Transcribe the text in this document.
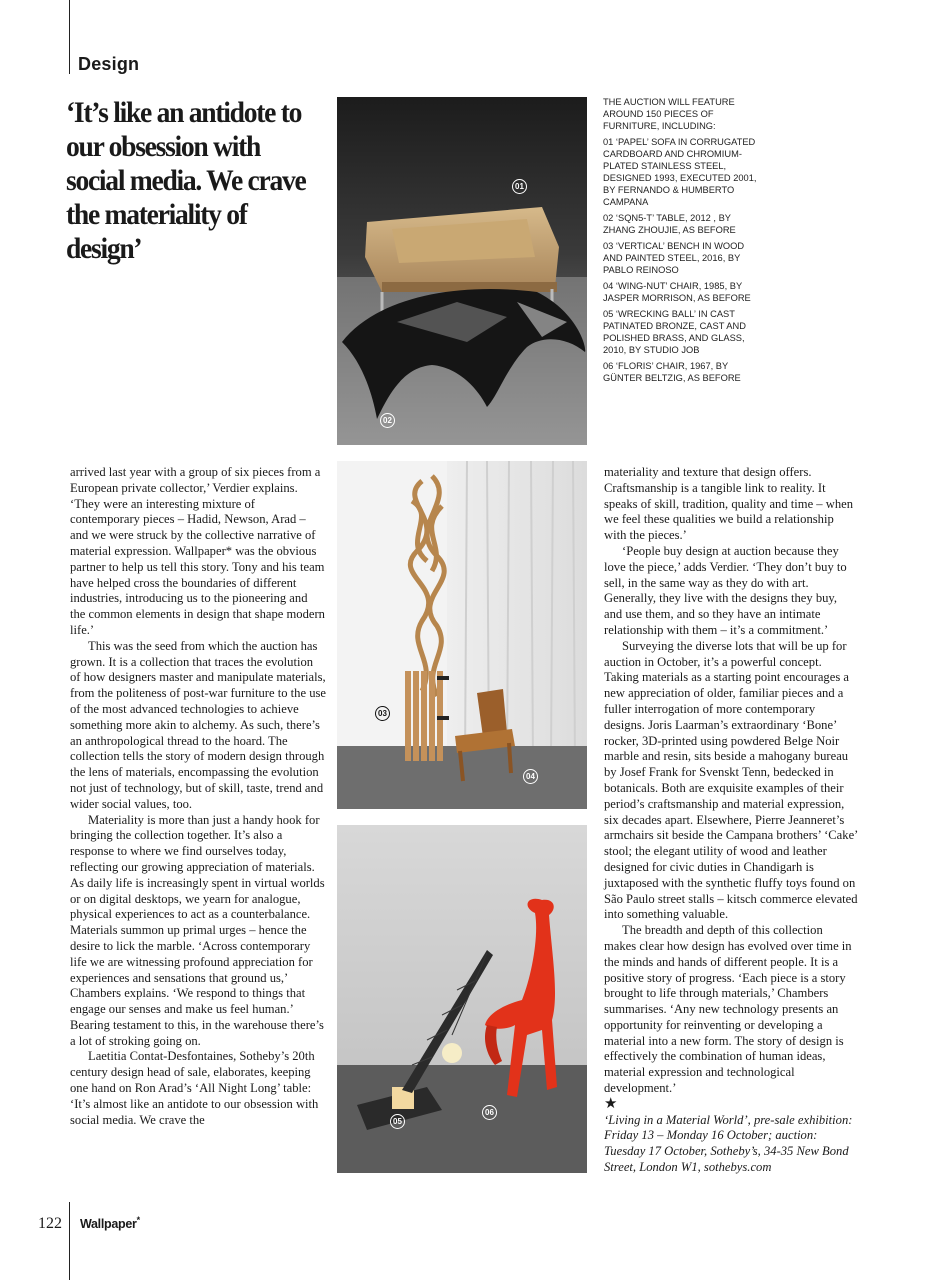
Design
‘It’s like an antidote to our obsession with social media. We crave the materiality of design’
01
02
03
04
05
06

THE AUCTION WILL FEATURE AROUND 150 PIECES OF FURNITURE, INCLUDING:

01 ‘PAPEL’ SOFA IN CORRUGATED CARDBOARD AND CHROMIUM-PLATED STAINLESS STEEL, DESIGNED 1993, EXECUTED 2001, BY FERNANDO & HUMBERTO CAMPANA

02 ‘SQN5-T’ TABLE, 2012 , BY ZHANG ZHOUJIE, AS BEFORE

03 ‘VERTICAL’ BENCH IN WOOD AND PAINTED STEEL, 2016, BY PABLO REINOSO

04 ‘WING-NUT’ CHAIR, 1985, BY JASPER MORRISON, AS BEFORE

05 ‘WRECKING BALL’ IN CAST PATINATED BRONZE, CAST AND POLISHED BRASS, AND GLASS, 2010, BY STUDIO JOB

06 ‘FLORIS’ CHAIR, 1967, BY GÜNTER BELTZIG, AS BEFORE

arrived last year with a group of six pieces from a European private collector,’ Verdier explains. ‘They were an interesting mixture of contemporary pieces – Hadid, Newson, Arad – and we were struck by the collective narrative of material expression. Wallpaper* was the obvious partner to help us tell this story. Tony and his team have helped cross the boundaries of different industries, introducing us to the pioneering and the common elements in design that shape modern life.’

This was the seed from which the auction has grown. It is a collection that traces the evolution of how designers master and manipulate materials, from the politeness of post-war furniture to the use of the most advanced technologies to achieve something more akin to alchemy. As such, there’s an anthropological thread to the hoard. The collection tells the story of modern design through the lens of materials, encompassing the evolution not just of technology, but of skill, taste, trend and wider social values, too.

Materiality is more than just a handy hook for bringing the collection together. It’s also a response to where we find ourselves today, reflecting our growing appreciation of materials. As daily life is increasingly spent in virtual worlds or on digital desktops, we yearn for analogue, physical experiences to act as a counterbalance. Materials summon up primal urges – hence the desire to lick the marble. ‘Across contemporary life we are witnessing profound appreciation for experiences and sensations that ground us,’ Chambers explains. ‘We respond to things that engage our senses and make us feel human.’ Bearing testament to this, in the warehouse there’s a lot of stroking going on.

Laetitia Contat-Desfontaines, Sotheby’s 20th century design head of sale, elaborates, keeping one hand on Ron Arad’s ‘All Night Long’ table: ‘It’s almost like an antidote to our obsession with social media. We crave the

materiality and texture that design offers. Craftsmanship is a tangible link to reality. It speaks of skill, tradition, quality and time – when we feel these qualities we build a relationship with the pieces.’

‘People buy design at auction because they love the piece,’ adds Verdier. ‘They don’t buy to sell, in the same way as they do with art. Generally, they live with the designs they buy, and use them, and so they have an intimate relationship with them – it’s a commitment.’

Surveying the diverse lots that will be up for auction in October, it’s a powerful concept. Taking materials as a starting point encourages a new appreciation of older, familiar pieces and a fuller interrogation of more contemporary designs. Joris Laarman’s extraordinary ‘Bone’ rocker, 3D-printed using powdered Belge Noir marble and resin, sits beside a mahogany bureau by Josef Frank for Svenskt Tenn, bedecked in botanicals. Both are exquisite examples of their period’s craftsmanship and material expression, six decades apart. Elsewhere, Pierre Jeanneret’s armchairs sit beside the Campana brothers’ ‘Cake’ stool; the elegant utility of wood and leather designed for civic duties in Chandigarh is juxtaposed with the synthetic fluffy toys found on São Paulo street stalls – kitsch commerce elevated into something valuable.

The breadth and depth of this collection makes clear how design has evolved over time in the minds and hands of different people. It is a positive story of progress. ‘Each piece is a story brought to life through materials,’ Chambers summarises. ‘Any new technology presents an opportunity for reinventing or developing a material into a new form. The story of design is effectively the combination of human ideas, material expression and technological development.’

★

‘Living in a Material World’, pre-sale exhibition: Friday 13 – Monday 16 October; auction: Tuesday 17 October, Sotheby’s, 34-35 New Bond Street, London W1, sothebys.com

122 Wallpaper*
